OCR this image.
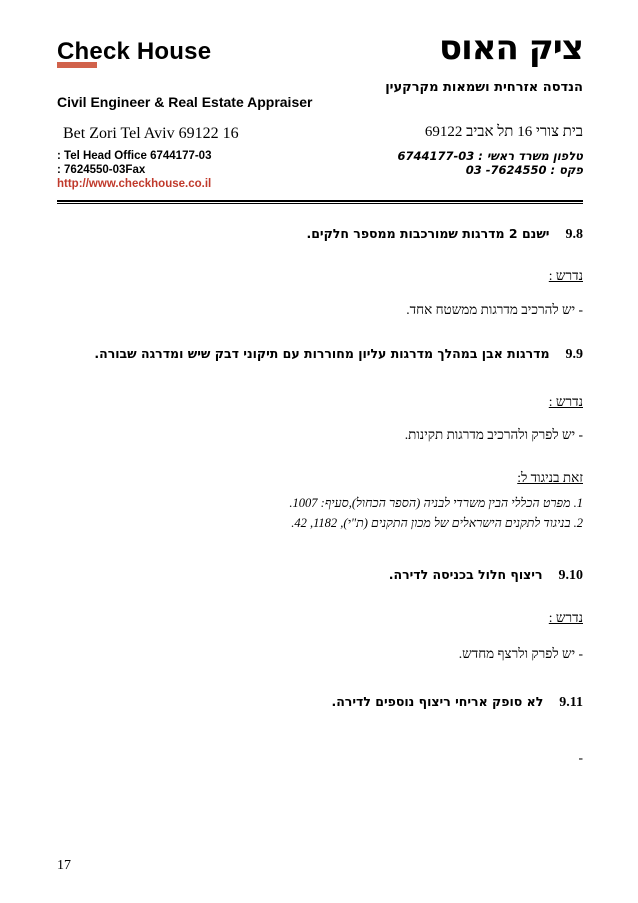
Check House
Civil Engineer & Real Estate Appraiser
Bet Zori Tel Aviv 69122 16
: Tel Head Office 6744177-03
: 7624550-03Fax
http://www.checkhouse.co.il
ציק האוס
הנדסה אזרחית ושמאות מקרקעין
בית צורי 16 תל אביב 69122
טלפון משרד ראשי : 6744177-03
פקס : 7624550- 03
9.8ישנם 2 מדרגות שמורכבות ממספר חלקים.
נדרש :
- יש להרכיב מדרגות ממשטח אחד.
9.9מדרגות אבן במהלך מדרגות עליון מחוררות עם תיקוני דבק שיש ומדרגה שבורה.
נדרש :
- יש לפרק ולהרכיב מדרגות תקינות.
זאת בניגוד ל:
1. מפרט הכללי הבין משרדי לבניה (הספר הכחול),סעיף: 1007.
2. בניגוד לתקנים הישראלים של מכון התקנים (ת"י), 1182, 42.
9.10ריצוף חלול בכניסה לדירה.
נדרש :
- יש לפרק ולרצף מחדש.
9.11לא סופק אריחי ריצוף נוספים לדירה.
-
17
